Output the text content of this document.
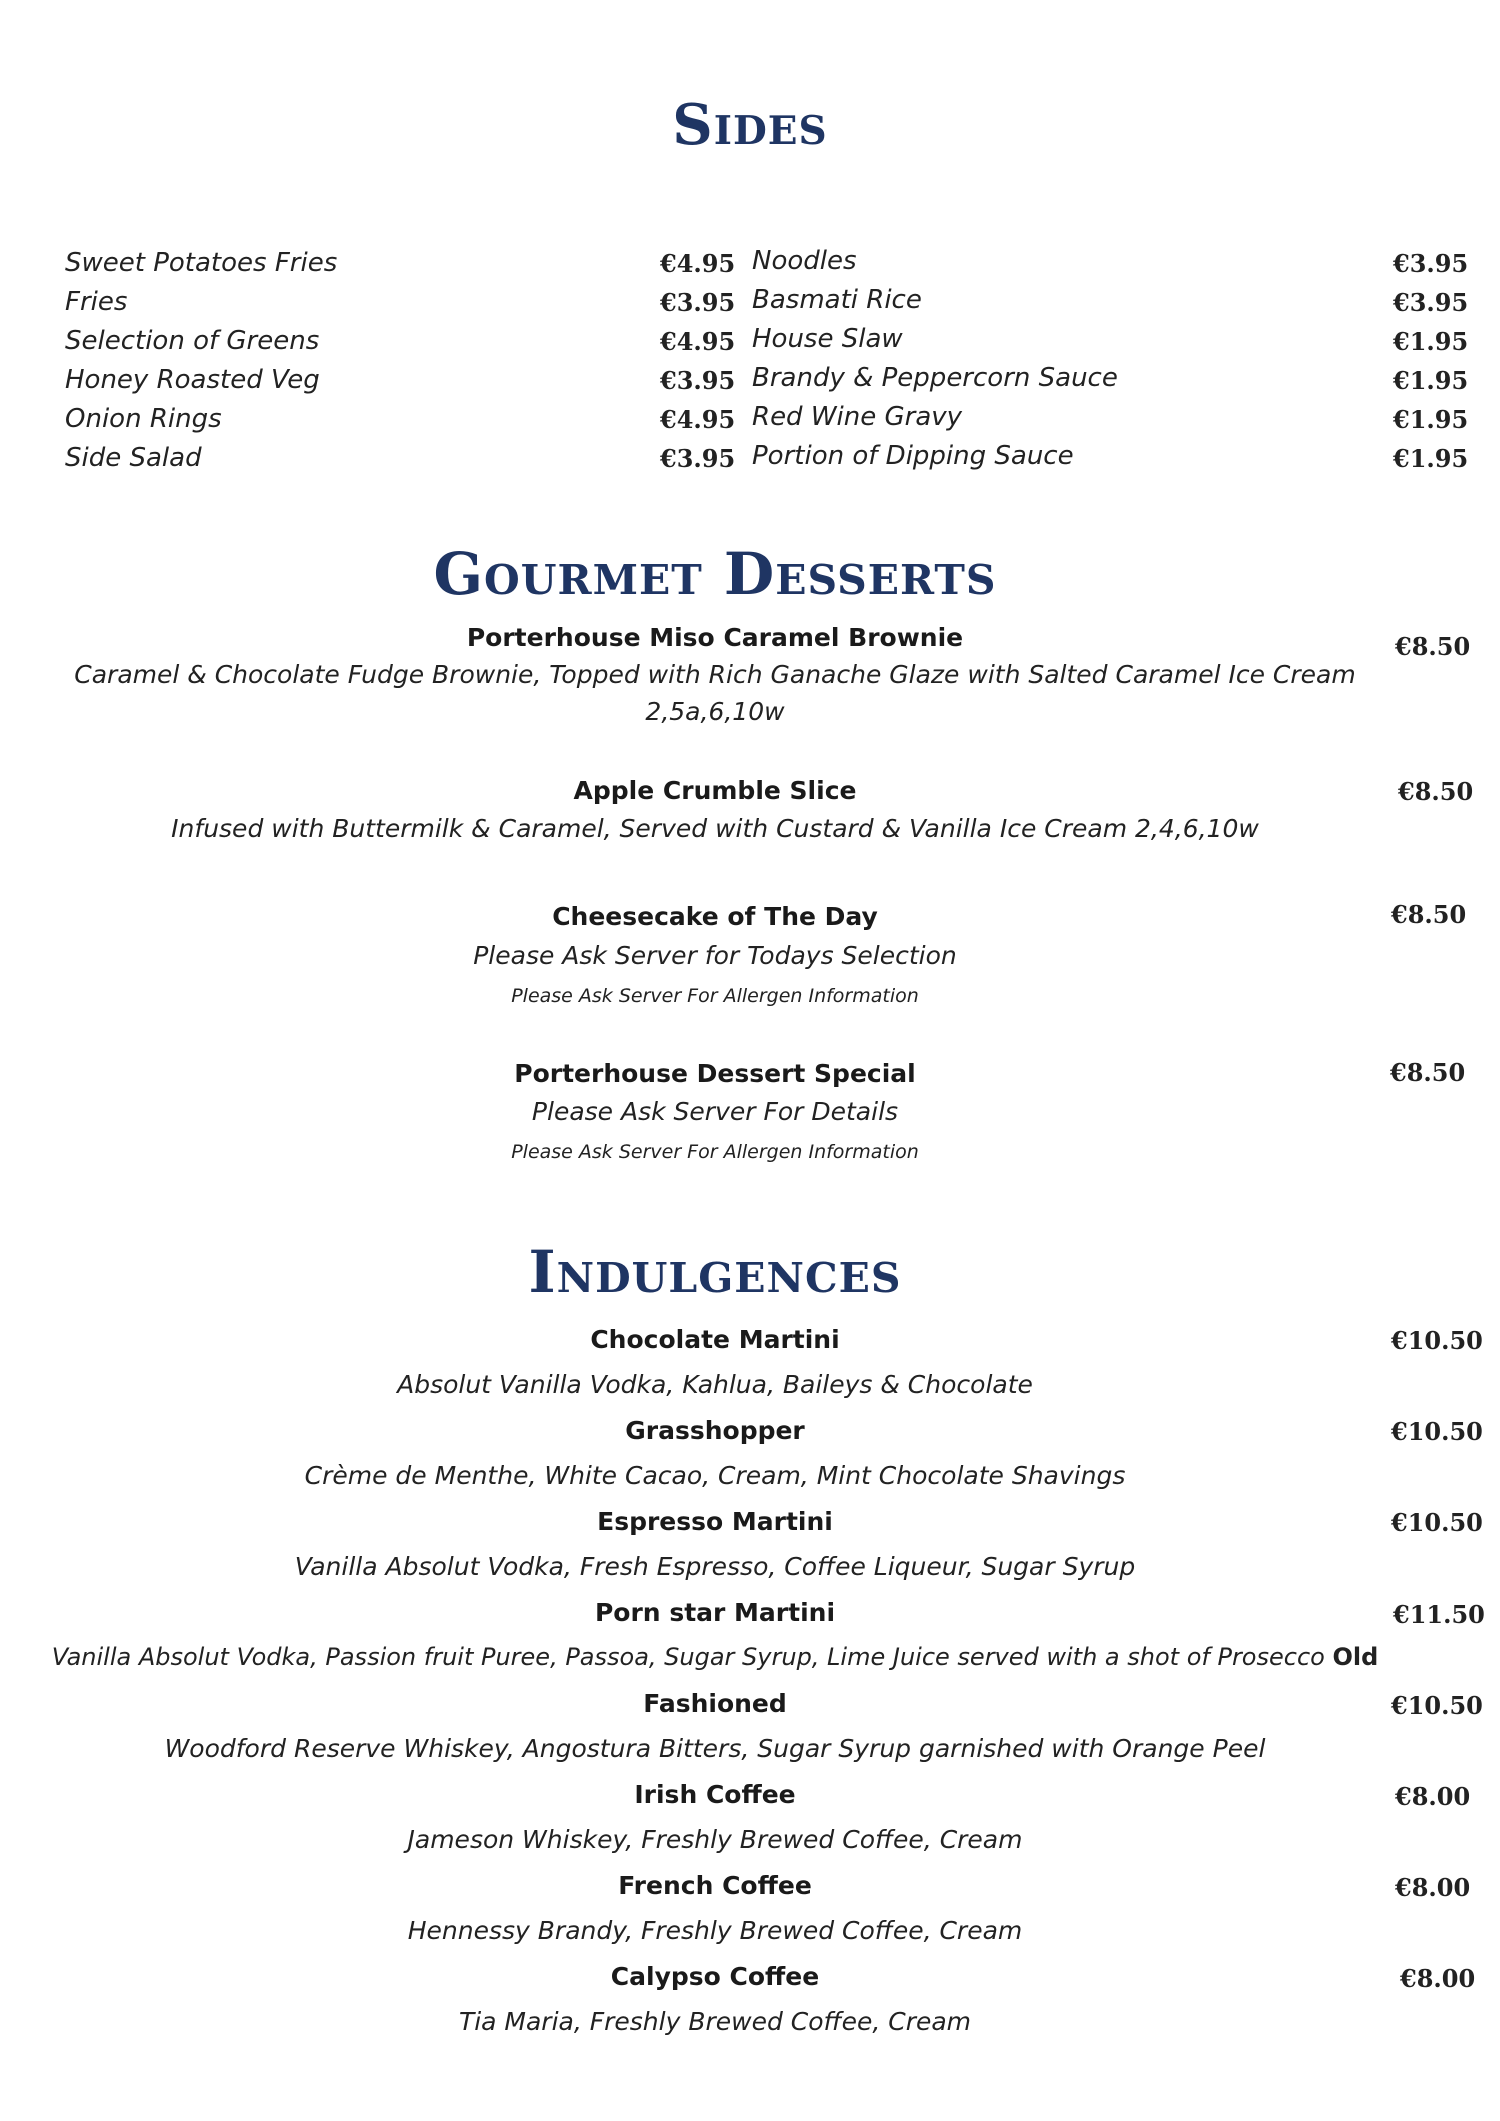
Sides
Sweet Potatoes Fries	€4.95
Fries	€3.95
Selection of Greens	€4.95
Honey Roasted Veg	€3.95
Onion Rings	€4.95
Side Salad	€3.95
Noodles	€3.95
Basmati Rice	€3.95
House Slaw	€1.95
Brandy & Peppercorn Sauce	€1.95
Red Wine Gravy	€1.95
Portion of Dipping Sauce	€1.95
Gourmet Desserts
Porterhouse Miso Caramel Brownie	€8.50
Caramel & Chocolate Fudge Brownie, Topped with Rich Ganache Glaze with Salted Caramel Ice Cream
2,5a,6,10w
Apple Crumble Slice	€8.50
Infused with Buttermilk & Caramel, Served with Custard & Vanilla Ice Cream 2,4,6,10w
Cheesecake of The Day	€8.50
Please Ask Server for Todays Selection
Please Ask Server For Allergen Information
Porterhouse Dessert Special	€8.50
Please Ask Server For Details
Please Ask Server For Allergen Information
Indulgences
Chocolate Martini	€10.50
Absolut Vanilla Vodka, Kahlua, Baileys & Chocolate
Grasshopper	€10.50
Crème de Menthe, White Cacao, Cream, Mint Chocolate Shavings
Espresso Martini	€10.50
Vanilla Absolut Vodka, Fresh Espresso, Coffee Liqueur, Sugar Syrup
Porn star Martini	€11.50
Vanilla Absolut Vodka, Passion fruit Puree, Passoa, Sugar Syrup, Lime Juice served with a shot of Prosecco Old
Fashioned	€10.50
Woodford Reserve Whiskey, Angostura Bitters, Sugar Syrup garnished with Orange Peel
Irish Coffee	€8.00
Jameson Whiskey, Freshly Brewed Coffee, Cream
French Coffee	€8.00
Hennessy Brandy, Freshly Brewed Coffee, Cream
Calypso Coffee	€8.00
Tia Maria, Freshly Brewed Coffee, Cream
